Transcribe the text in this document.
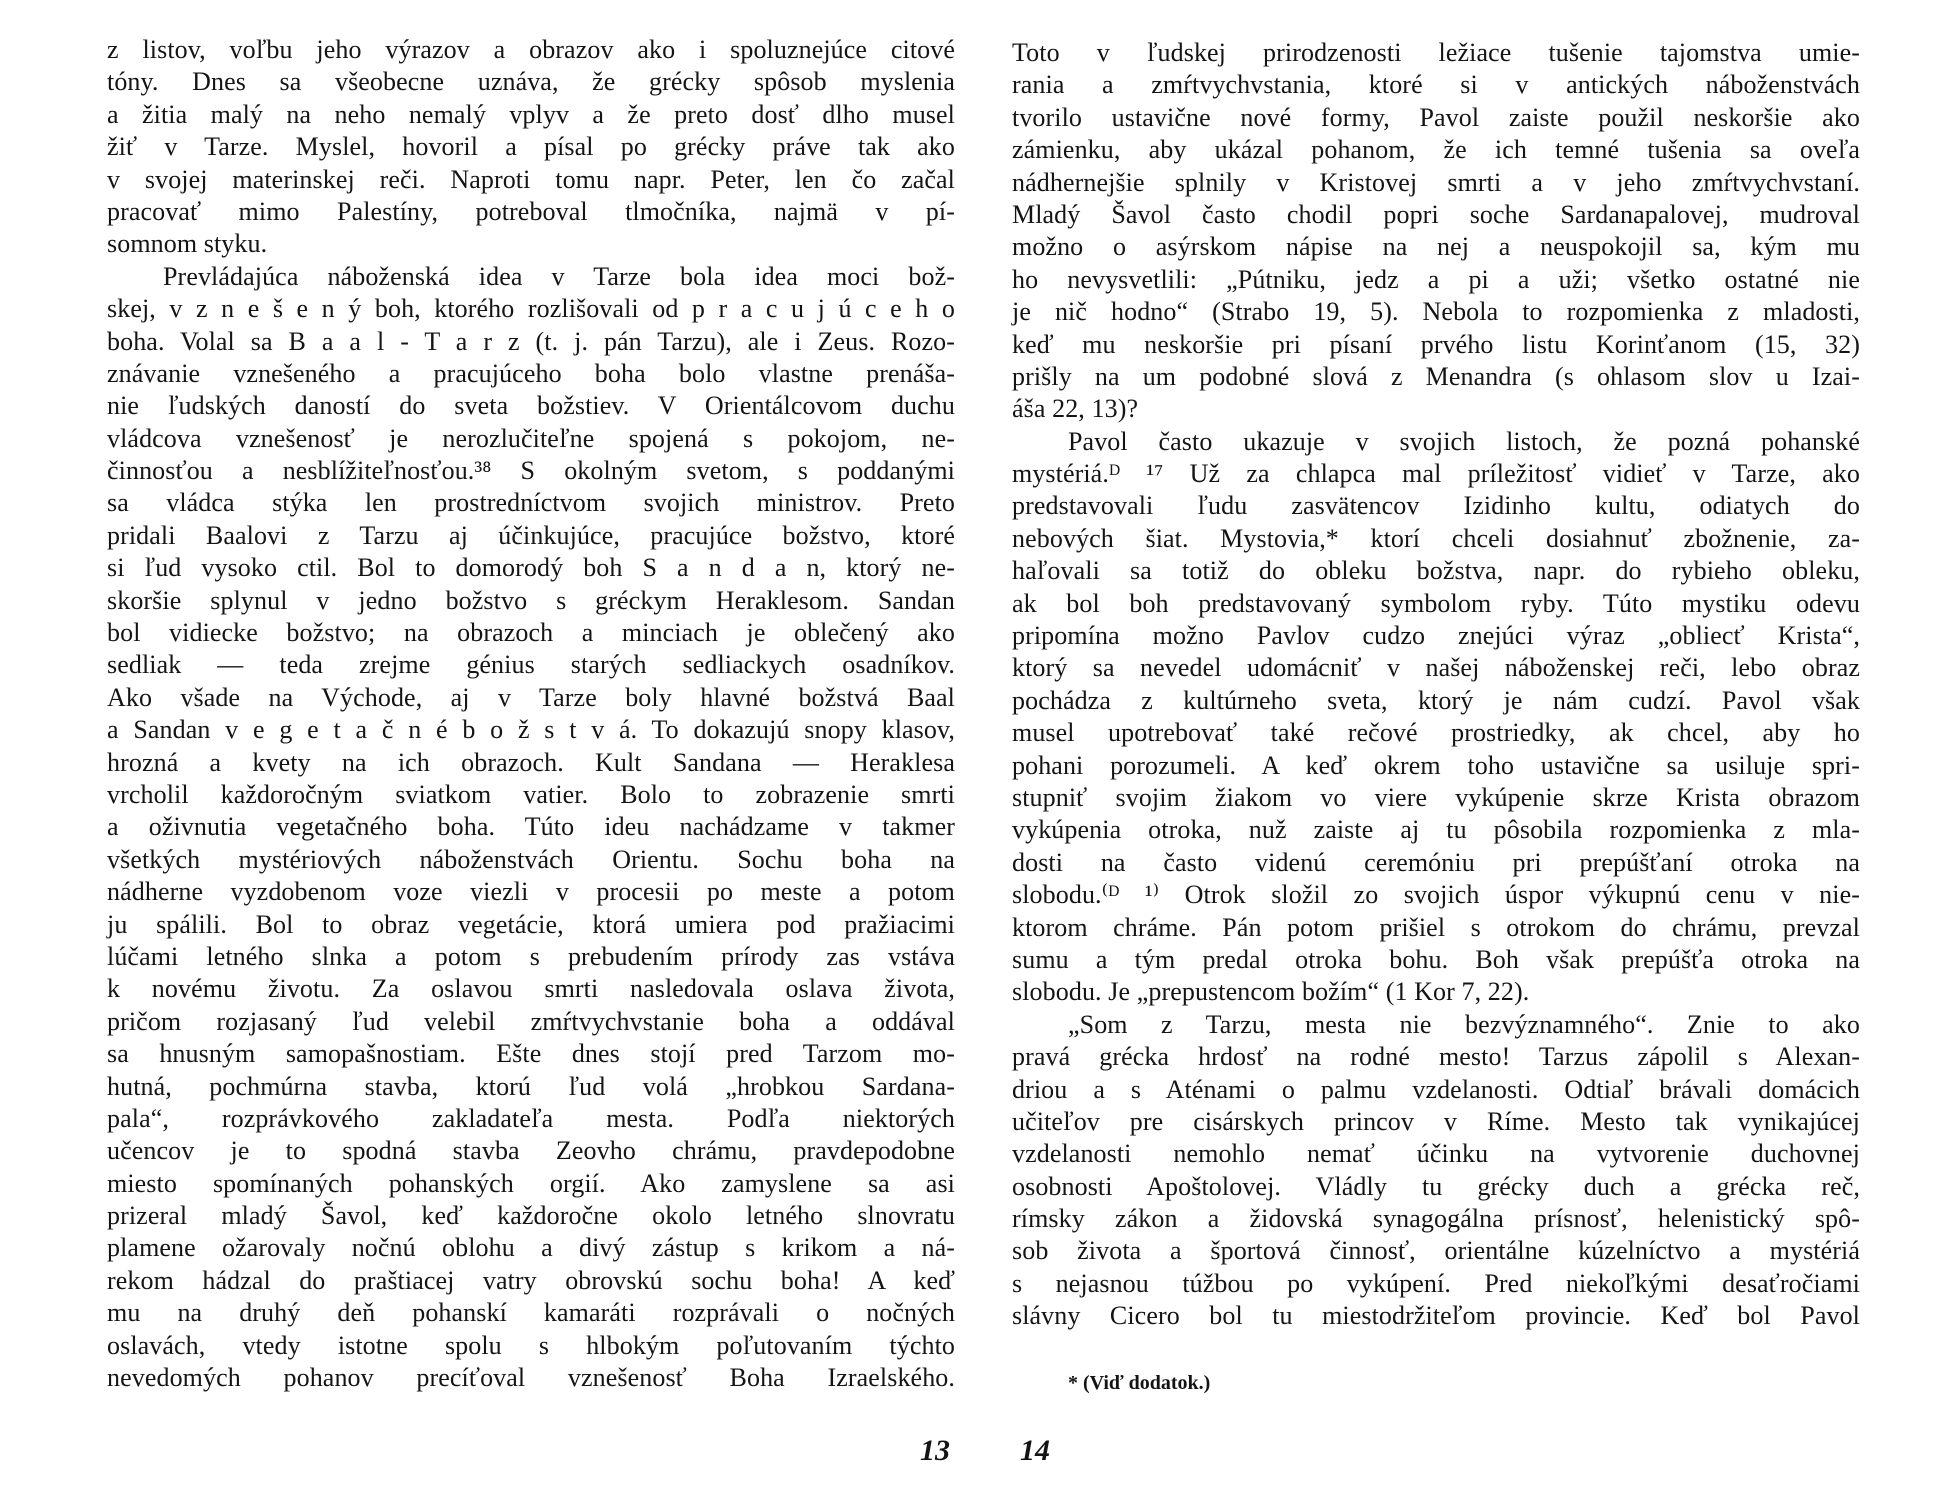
z listov, voľbu jeho výrazov a obrazov ako i spoluznejúce citové
tóny. Dnes sa všeobecne uznáva, že grécky spôsob myslenia
a žitia malý na neho nemalý vplyv a že preto dosť dlho musel
žiť v Tarze. Myslel, hovoril a písal po grécky práve tak ako
v svojej materinskej reči. Naproti tomu napr. Peter, len čo začal
pracovať mimo Palestíny, potreboval tlmočníka, najmä v pí-
somnom styku.
Prevládajúca náboženská idea v Tarze bola idea moci bož-
skej, v z n e š e n ý boh, ktorého rozlišovali od p r a c u j ú c e h o
boha. Volal sa B a a l - T a r z (t. j. pán Tarzu), ale i Zeus. Rozo-
znávanie vznešeného a pracujúceho boha bolo vlastne prenáša-
nie ľudských daností do sveta božstiev. V Orientálcovom duchu
vládcova vznešenosť je nerozlučiteľne spojená s pokojom, ne-
činnosťou a nesblížiteľnosťou.³⁸ S okolným svetom, s poddanými
sa vládca stýka len prostredníctvom svojich ministrov. Preto
pridali Baalovi z Tarzu aj účinkujúce, pracujúce božstvo, ktoré
si ľud vysoko ctil. Bol to domorodý boh S a n d a n, ktorý ne-
skoršie splynul v jedno božstvo s gréckym Heraklesom. Sandan
bol vidiecke božstvo; na obrazoch a minciach je oblečený ako
sedliak — teda zrejme génius starých sedliackych osadníkov.
Ako všade na Východe, aj v Tarze boly hlavné božstvá Baal
a Sandan v e g e t a č n é b o ž s t v á. To dokazujú snopy klasov,
hrozná a kvety na ich obrazoch. Kult Sandana — Heraklesa
vrcholil každoročným sviatkom vatier. Bolo to zobrazenie smrti
a oživnutia vegetačného boha. Túto ideu nachádzame v takmer
všetkých mystériových náboženstvách Orientu. Sochu boha na
nádherne vyzdobenom voze viezli v procesii po meste a potom
ju spálili. Bol to obraz vegetácie, ktorá umiera pod pražiacimi
lúčami letného slnka a potom s prebudením prírody zas vstáva
k novému životu. Za oslavou smrti nasledovala oslava života,
pričom rozjasaný ľud velebil zmŕtvychvstanie boha a oddával
sa hnusným samopašnostiam. Ešte dnes stojí pred Tarzom mo-
hutná, pochmúrna stavba, ktorú ľud volá „hrobkou Sardana-
pala“, rozprávkového zakladateľa mesta. Podľa niektorých
učencov je to spodná stavba Zeovho chrámu, pravdepodobne
miesto spomínaných pohanských orgií. Ako zamyslene sa asi
prizeral mladý Šavol, keď každoročne okolo letného slnovratu
plamene ožarovaly nočnú oblohu a divý zástup s krikom a ná-
rekom hádzal do praštiacej vatry obrovskú sochu boha! A keď
mu na druhý deň pohanskí kamaráti rozprávali o nočných
oslavách, vtedy istotne spolu s hlbokým poľutovaním týchto
nevedomých pohanov precíťoval vznešenosť Boha Izraelského.
Toto v ľudskej prirodzenosti ležiace tušenie tajomstva umie-
rania a zmŕtvychvstania, ktoré si v antických náboženstvách
tvorilo ustavične nové formy, Pavol zaiste použil neskoršie ako
zámienku, aby ukázal pohanom, že ich temné tušenia sa oveľa
nádhernejšie splnily v Kristovej smrti a v jeho zmŕtvychvstaní.
Mladý Šavol často chodil popri soche Sardanapalovej, mudroval
možno o asýrskom nápise na nej a neuspokojil sa, kým mu
ho nevysvetlili: „Pútniku, jedz a pi a uži; všetko ostatné nie
je nič hodno“ (Strabo 19, 5). Nebola to rozpomienka z mladosti,
keď mu neskoršie pri písaní prvého listu Korinťanom (15, 32)
prišly na um podobné slová z Menandra (s ohlasom slov u Izai-
áša 22, 13)?
Pavol často ukazuje v svojich listoch, že pozná pohanské
mystériá.ᴰ ¹⁷ Už za chlapca mal príležitosť vidieť v Tarze, ako
predstavovali ľudu zasvätencov Izidinho kultu, odiatych do
nebových šiat. Mystovia,* ktorí chceli dosiahnuť zbožnenie, za-
haľovali sa totiž do obleku božstva, napr. do rybieho obleku,
ak bol boh predstavovaný symbolom ryby. Túto mystiku odevu
pripomína možno Pavlov cudzo znejúci výraz „obliecť Krista“,
ktorý sa nevedel udomácniť v našej náboženskej reči, lebo obraz
pochádza z kultúrneho sveta, ktorý je nám cudzí. Pavol však
musel upotrebovať také rečové prostriedky, ak chcel, aby ho
pohani porozumeli. A keď okrem toho ustavične sa usiluje spri-
stupniť svojim žiakom vo viere vykúpenie skrze Krista obrazom
vykúpenia otroka, nuž zaiste aj tu pôsobila rozpomienka z mla-
dosti na často videnú ceremóniu pri prepúšťaní otroka na
slobodu.⁽ᴰ ¹⁾ Otrok složil zo svojich úspor výkupnú cenu v nie-
ktorom chráme. Pán potom prišiel s otrokom do chrámu, prevzal
sumu a tým predal otroka bohu. Boh však prepúšťa otroka na
slobodu. Je „prepustencom božím“ (1 Kor 7, 22).
„Som z Tarzu, mesta nie bezvýznamného“. Znie to ako
pravá grécka hrdosť na rodné mesto! Tarzus zápolil s Alexan-
driou a s Aténami o palmu vzdelanosti. Odtiaľ brávali domácich
učiteľov pre cisárskych princov v Ríme. Mesto tak vynikajúcej
vzdelanosti nemohlo nemať účinku na vytvorenie duchovnej
osobnosti Apoštolovej. Vládly tu grécky duch a grécka reč,
rímsky zákon a židovská synagogálna prísnosť, helenistický spô-
sob života a športová činnosť, orientálne kúzelníctvo a mystériá
s nejasnou túžbou po vykúpení. Pred niekoľkými desaťročiami
slávny Cicero bol tu miestodržiteľom provincie. Keď bol Pavol
* (Viď dodatok.)
13 14
